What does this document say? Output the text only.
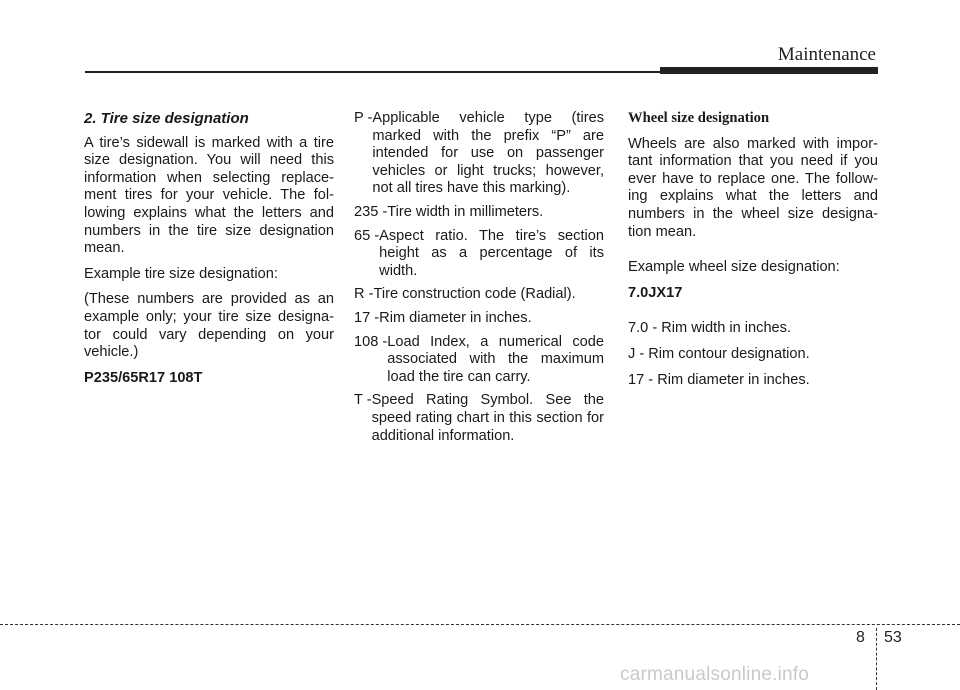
Maintenance
2. Tire size designation

A tire’s sidewall is marked with a tire size designation. You will need this information when selecting replace-ment tires for your vehicle. The fol-lowing explains what the letters and numbers in the tire size designation mean.

Example tire size designation:

(These numbers are provided as an example only; your tire size designa-tor could vary depending on your vehicle.)

P235/65R17 108T

P - Applicable vehicle type (tires
marked with the prefix “P” are intended for use on passenger vehicles or light trucks; however, not all tires have this marking).
235 - Tire width in millimeters.
65 - Aspect ratio. The tire’s section
height as a percentage of its width.
R - Tire construction code (Radial).
17 - Rim diameter in inches.
108 - Load Index, a numerical code
associated with the maximum load the tire can carry.
T - Speed Rating Symbol. See the
speed rating chart in this section for additional information.
Wheel size designation

Wheels are also marked with impor-tant information that you need if you ever have to replace one. The follow-ing explains what the letters and numbers in the wheel size designa-tion mean.

Example wheel size designation:

7.0JX17

7.0 - Rim width in inches.

J - Rim contour designation.

17 - Rim diameter in inches.

8 53
carmanualsonline.info
